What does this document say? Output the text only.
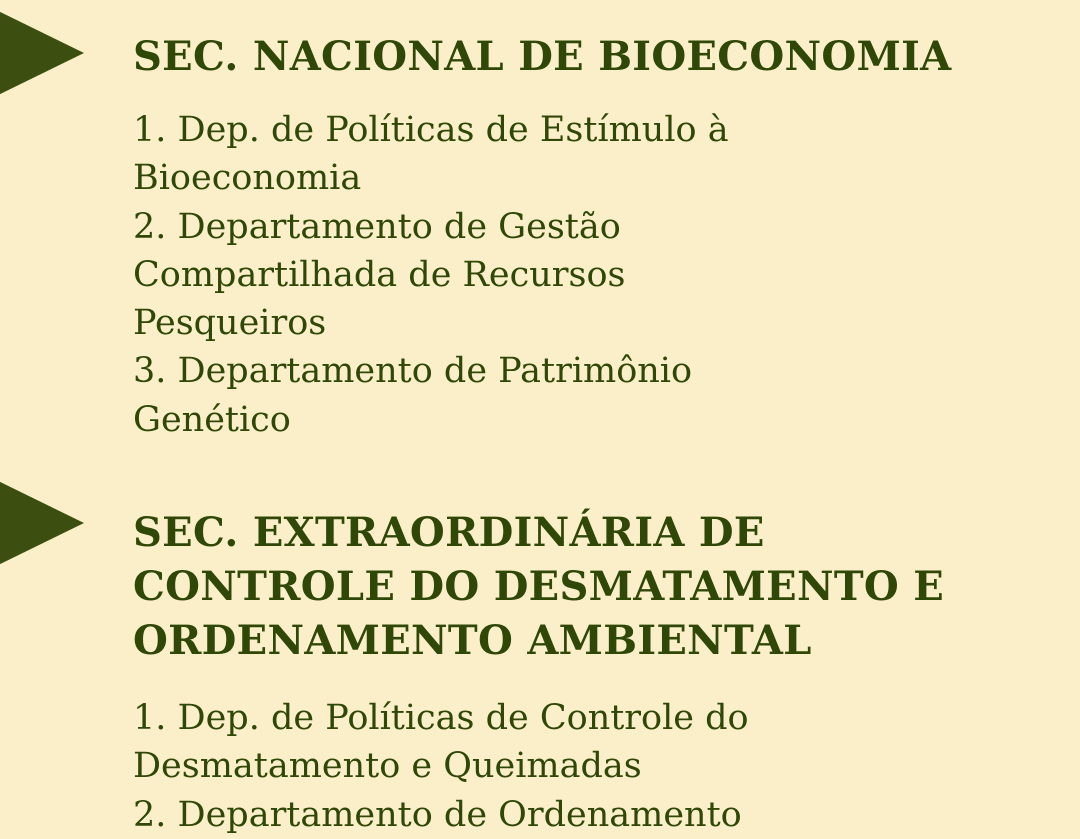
SEC. NACIONAL DE BIOECONOMIA
1. Dep. de Políticas de Estímulo à Bioeconomia
2. Departamento de Gestão Compartilhada de Recursos Pesqueiros
3. Departamento de Patrimônio Genético
SEC. EXTRAORDINÁRIA DE CONTROLE DO DESMATAMENTO E ORDENAMENTO AMBIENTAL
1. Dep. de Políticas de Controle do Desmatamento e Queimadas
2. Departamento de Ordenamento
